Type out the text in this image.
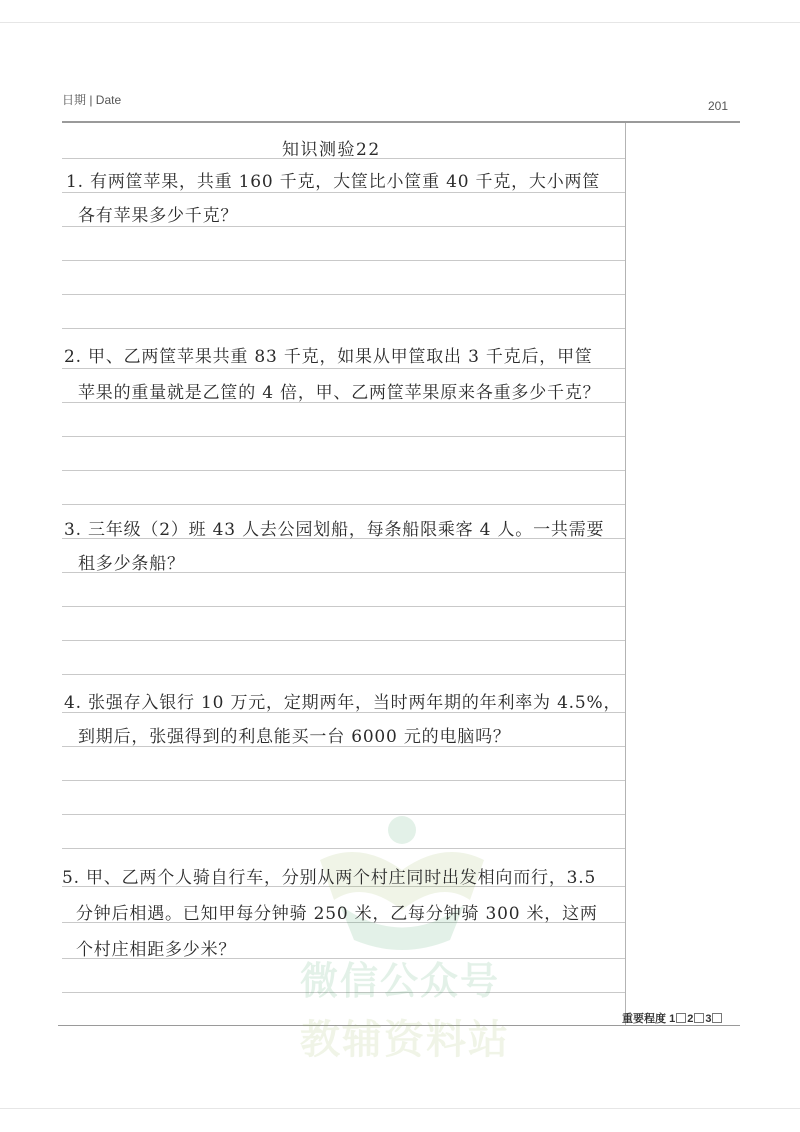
日期 | Date	201
微信公众号
教辅资料站
知识测验22
1. 有两筐苹果，共重 160 千克，大筐比小筐重 40 千克，大小两筐
各有苹果多少千克？
2. 甲、乙两筐苹果共重 83 千克，如果从甲筐取出 3 千克后，甲筐
苹果的重量就是乙筐的 4 倍，甲、乙两筐苹果原来各重多少千克？
3. 三年级（2）班 43 人去公园划船，每条船限乘客 4 人。一共需要
租多少条船？
4. 张强存入银行 10 万元，定期两年，当时两年期的年利率为 4.5%，
到期后，张强得到的利息能买一台 6000 元的电脑吗？
5. 甲、乙两个人骑自行车，分别从两个村庄同时出发相向而行，3.5
分钟后相遇。已知甲每分钟骑 250 米，乙每分钟骑 300 米，这两
个村庄相距多少米？
重要程度 1 2 3
